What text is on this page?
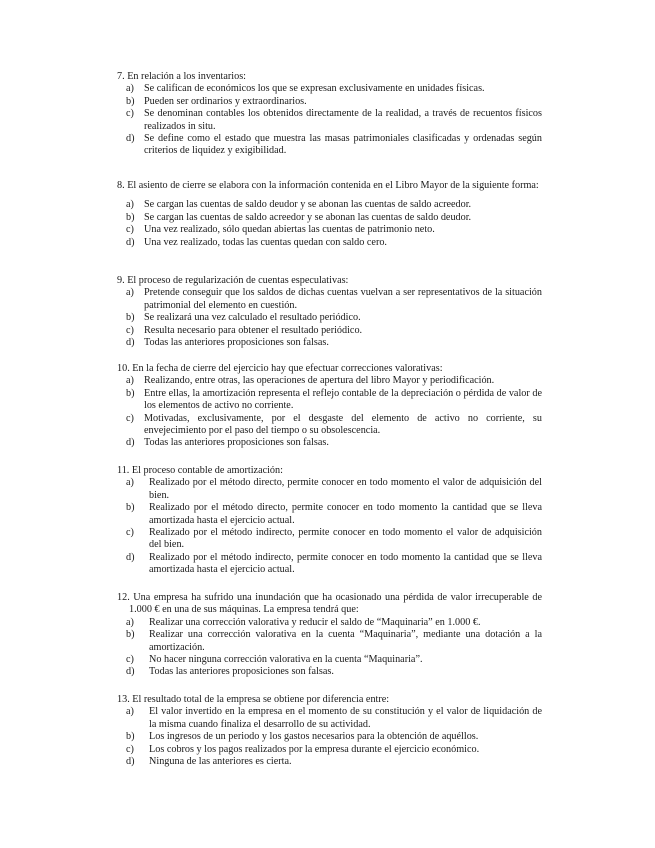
7. En relación a los inventarios:
a) Se califican de económicos los que se expresan exclusivamente en unidades físicas.
b) Pueden ser ordinarios y extraordinarios.
c) Se denominan contables los obtenidos directamente de la realidad, a través de recuentos físicos realizados in situ.
d) Se define como el estado que muestra las masas patrimoniales clasificadas y ordenadas según criterios de liquidez y exigibilidad.
8. El asiento de cierre se elabora con la información contenida en el Libro Mayor de la siguiente forma:
a) Se cargan las cuentas de saldo deudor y se abonan las cuentas de saldo acreedor.
b) Se cargan las cuentas de saldo acreedor y se abonan las cuentas de saldo deudor.
c) Una vez realizado, sólo quedan abiertas las cuentas de patrimonio neto.
d) Una vez realizado, todas las cuentas quedan con saldo cero.
9. El proceso de regularización de cuentas especulativas:
a) Pretende conseguir que los saldos de dichas cuentas vuelvan a ser representativos de la situación patrimonial del elemento en cuestión.
b) Se realizará una vez calculado el resultado periódico.
c) Resulta necesario para obtener el resultado periódico.
d) Todas las anteriores proposiciones son falsas.
10. En la fecha de cierre del ejercicio hay que efectuar correcciones valorativas:
a) Realizando, entre otras, las operaciones de apertura del libro Mayor y periodificación.
b) Entre ellas, la amortización representa el reflejo contable de la depreciación o pérdida de valor de los elementos de activo no corriente.
c) Motivadas, exclusivamente, por el desgaste del elemento de activo no corriente, su envejecimiento por el paso del tiempo o su obsolescencia.
d) Todas las anteriores proposiciones son falsas.
11. El proceso contable de amortización:
a) Realizado por el método directo, permite conocer en todo momento el valor de adquisición del bien.
b) Realizado por el método directo, permite conocer en todo momento la cantidad que se lleva amortizada hasta el ejercicio actual.
c) Realizado por el método indirecto, permite conocer en todo momento el valor de adquisición del bien.
d) Realizado por el método indirecto, permite conocer en todo momento la cantidad que se lleva amortizada hasta el ejercicio actual.
12. Una empresa ha sufrido una inundación que ha ocasionado una pérdida de valor irrecuperable de 1.000 € en una de sus máquinas. La empresa tendrá que:
a) Realizar una corrección valorativa y reducir el saldo de “Maquinaria” en 1.000 €.
b) Realizar una corrección valorativa en la cuenta “Maquinaria”, mediante una dotación a la amortización.
c) No hacer ninguna corrección valorativa en la cuenta “Maquinaria”.
d) Todas las anteriores proposiciones son falsas.
13. El resultado total de la empresa se obtiene por diferencia entre:
a) El valor invertido en la empresa en el momento de su constitución y el valor de liquidación de la misma cuando finaliza el desarrollo de su actividad.
b) Los ingresos de un periodo y los gastos necesarios para la obtención de aquéllos.
c) Los cobros y los pagos realizados por la empresa durante el ejercicio económico.
d) Ninguna de las anteriores es cierta.
